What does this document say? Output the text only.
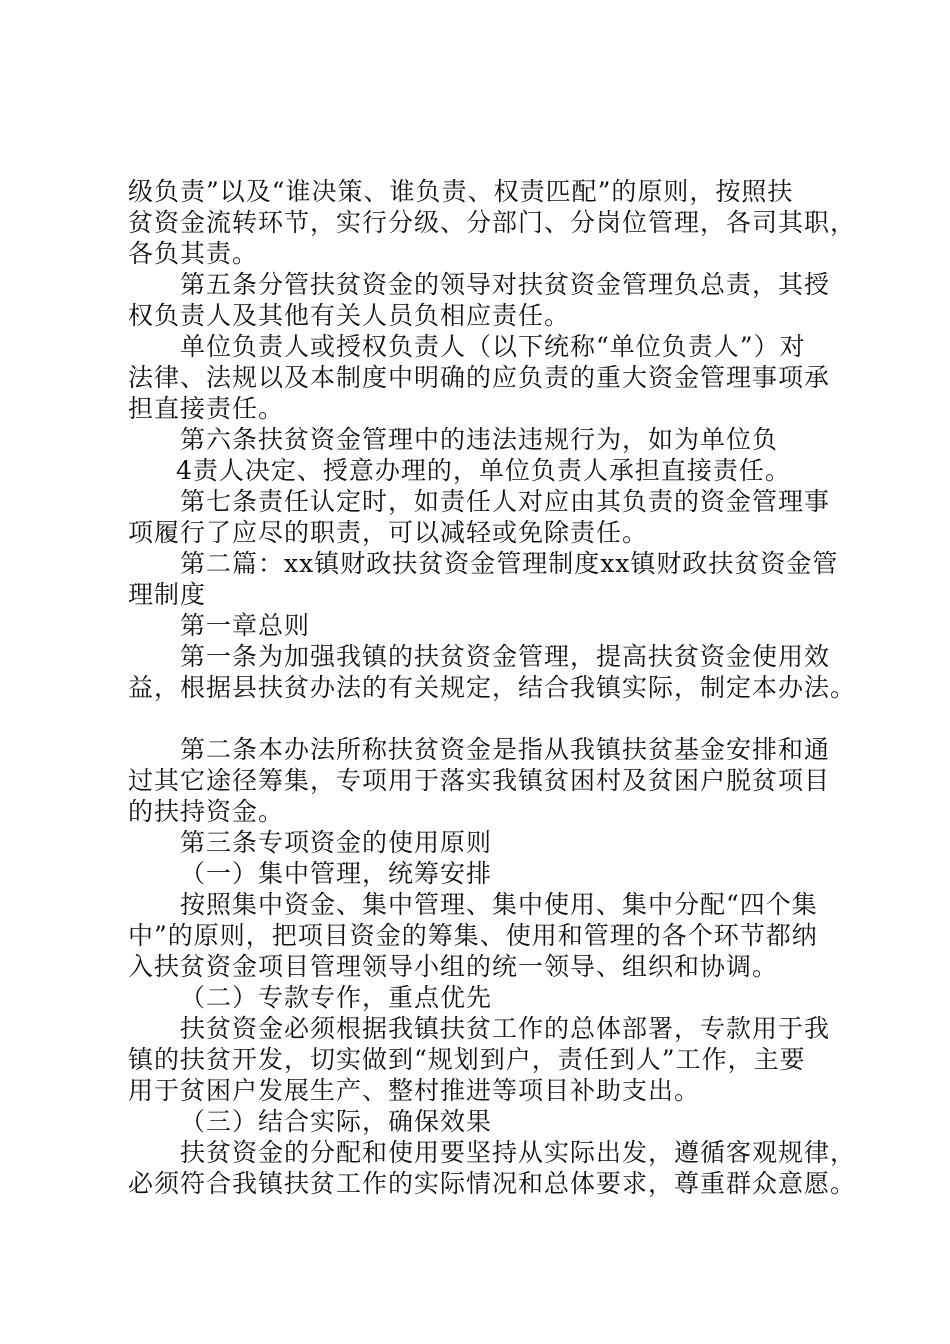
级负责”以及“谁决策、谁负责、权责匹配”的原则，按照扶
贫资金流转环节，实行分级、分部门、分岗位管理，各司其职，
各负其责。
第五条分管扶贫资金的领导对扶贫资金管理负总责，其授
权负责人及其他有关人员负相应责任。
单位负责人或授权负责人（以下统称“单位负责人”）对
法律、法规以及本制度中明确的应负责的重大资金管理事项承
担直接责任。
第六条扶贫资金管理中的违法违规行为，如为单位负
4责人决定、授意办理的，单位负责人承担直接责任。
第七条责任认定时，如责任人对应由其负责的资金管理事
项履行了应尽的职责，可以减轻或免除责任。
第二篇：xx镇财政扶贫资金管理制度xx镇财政扶贫资金管
理制度
第一章总则
第一条为加强我镇的扶贫资金管理，提高扶贫资金使用效
益，根据县扶贫办法的有关规定，结合我镇实际，制定本办法。
第二条本办法所称扶贫资金是指从我镇扶贫基金安排和通
过其它途径筹集，专项用于落实我镇贫困村及贫困户脱贫项目
的扶持资金。
第三条专项资金的使用原则
（一）集中管理，统筹安排
按照集中资金、集中管理、集中使用、集中分配“四个集
中”的原则，把项目资金的筹集、使用和管理的各个环节都纳
入扶贫资金项目管理领导小组的统一领导、组织和协调。
（二）专款专作，重点优先
扶贫资金必须根据我镇扶贫工作的总体部署，专款用于我
镇的扶贫开发，切实做到“规划到户，责任到人”工作，主要
用于贫困户发展生产、整村推进等项目补助支出。
（三）结合实际，确保效果
扶贫资金的分配和使用要坚持从实际出发，遵循客观规律，
必须符合我镇扶贫工作的实际情况和总体要求，尊重群众意愿。
